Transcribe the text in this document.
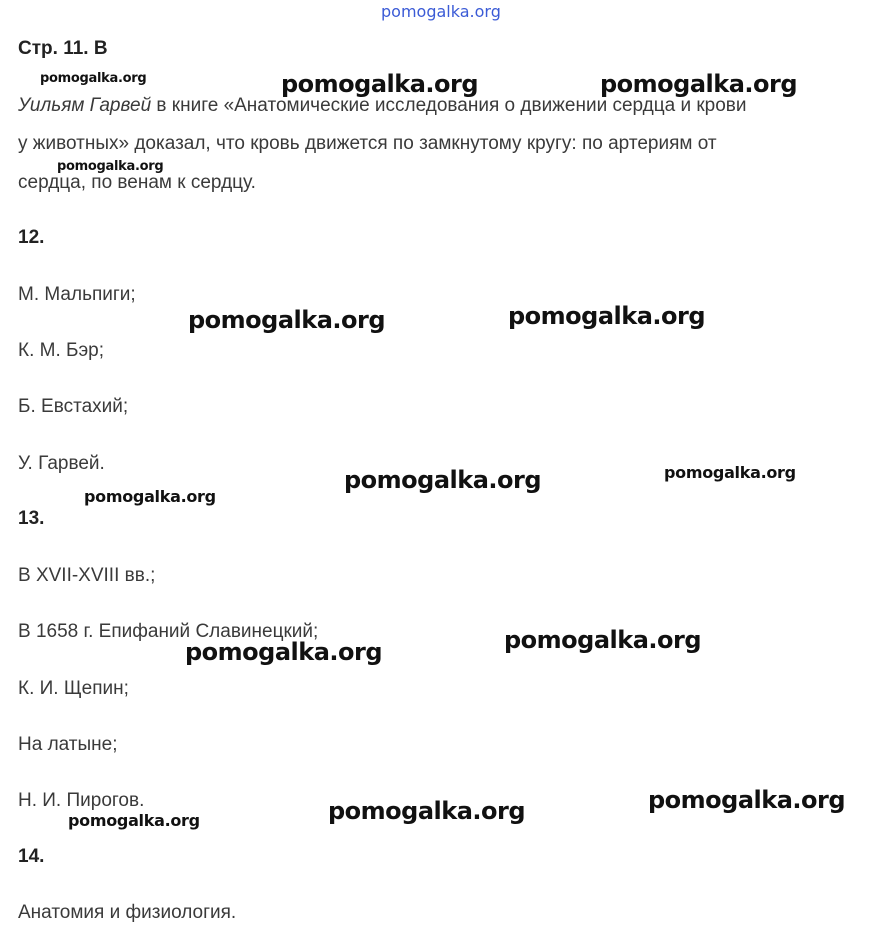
pomogalka.org
Стр. 11. В
Уильям Гарвей в книге «Анатомические исследования о движении сердца и крови
у животных» доказал, что кровь движется по замкнутому кругу: по артериям от
сердца, по венам к сердцу.
12.
М. Мальпиги;
К. М. Бэр;
Б. Евстахий;
У. Гарвей.
13.
В XVII-XVIII вв.;
В 1658 г. Епифаний Славинецкий;
К. И. Щепин;
На латыне;
Н. И. Пирогов.
14.
Анатомия и физиология.
pomogalka.org	pomogalka.org	pomogalka.org
pomogalka.org
pomogalka.org	pomogalka.org
pomogalka.org	pomogalka.org
pomogalka.org
pomogalka.org
pomogalka.org
pomogalka.org
pomogalka.org
pomogalka.org
